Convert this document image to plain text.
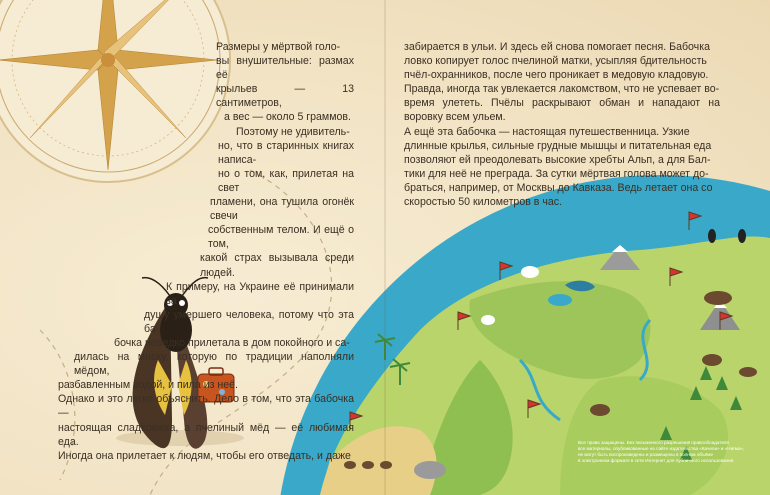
Размеры у мёртвой голо-

вы внушительные: размах её

крыльев — 13 сантиметров,

а вес — около 5 граммов.

Поэтому не удивитель-

но, что в старинных книгах написа-

но о том, как, прилетая на свет

пламени, она тушила огонёк свечи

собственным телом. И ещё о том,

какой страх вызывала среди людей.

К примеру, на Украине её принимали за

душу умершего человека, потому что эта ба-

бочка нередко прилетала в дом покойного и са-

дилась на миску, которую по традиции наполняли мёдом,

разбавленным водой, и пила из неё.

Однако и это легко объяснить. Дело в том, что эта бабочка —

настоящая сладкоежка, а пчелиный мёд — её любимая еда.

Иногда она прилетает к людям, чтобы его отведать, и даже

забирается в ульи. И здесь ей снова помогает песня. Бабочка

ловко копирует голос пчелиной матки, усыпляя бдительность

пчёл-охранников, после чего проникает в медовую кладовую.

Правда, иногда так увлекается лакомством, что не успевает во-

время улететь. Пчёлы раскрывают обман и нападают на воровку всем ульем.

А ещё эта бабочка — настоящая путешественница. Узкие

длинные крылья, сильные грудные мышцы и питательная еда

позволяют ей преодолевать высокие хребты Альп, а для Бал-

тики для неё не преграда. За сутки мёртвая голова может до-

браться, например, от Москвы до Кавказа. Ведь летает она со

скоростью 50 километров в час.

Все права защищены. Без письменного разрешения правообладателя

все материалы, опубликованные на сайте издательства «Качели» и «Нигма»,

не могут быть воспроизведены и размещены в полном объёме

в электронном формате в сети Интернет для публичного использования.
